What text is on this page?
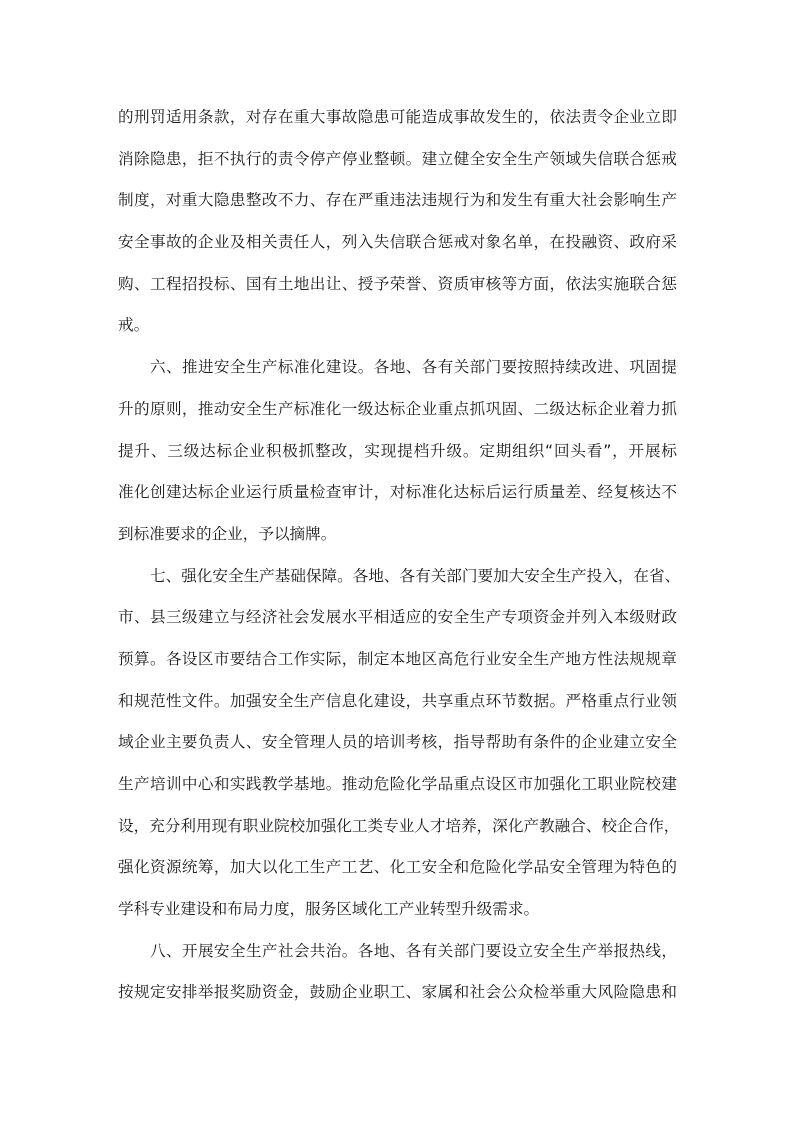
的刑罚适用条款，对存在重大事故隐患可能造成事故发生的，依法责令企业立即
消除隐患，拒不执行的责令停产停业整顿。建立健全安全生产领域失信联合惩戒
制度，对重大隐患整改不力、存在严重违法违规行为和发生有重大社会影响生产
安全事故的企业及相关责任人，列入失信联合惩戒对象名单，在投融资、政府采
购、工程招投标、国有土地出让、授予荣誉、资质审核等方面，依法实施联合惩
戒。
六、推进安全生产标准化建设。各地、各有关部门要按照持续改进、巩固提
升的原则，推动安全生产标准化一级达标企业重点抓巩固、二级达标企业着力抓
提升、三级达标企业积极抓整改，实现提档升级。定期组织“回头看”，开展标
准化创建达标企业运行质量检查审计，对标准化达标后运行质量差、经复核达不
到标准要求的企业，予以摘牌。
七、强化安全生产基础保障。各地、各有关部门要加大安全生产投入，在省、
市、县三级建立与经济社会发展水平相适应的安全生产专项资金并列入本级财政
预算。各设区市要结合工作实际，制定本地区高危行业安全生产地方性法规规章
和规范性文件。加强安全生产信息化建设，共享重点环节数据。严格重点行业领
域企业主要负责人、安全管理人员的培训考核，指导帮助有条件的企业建立安全
生产培训中心和实践教学基地。推动危险化学品重点设区市加强化工职业院校建
设，充分利用现有职业院校加强化工类专业人才培养，深化产教融合、校企合作，
强化资源统筹，加大以化工生产工艺、化工安全和危险化学品安全管理为特色的
学科专业建设和布局力度，服务区域化工产业转型升级需求。
八、开展安全生产社会共治。各地、各有关部门要设立安全生产举报热线，
按规定安排举报奖励资金，鼓励企业职工、家属和社会公众检举重大风险隐患和
